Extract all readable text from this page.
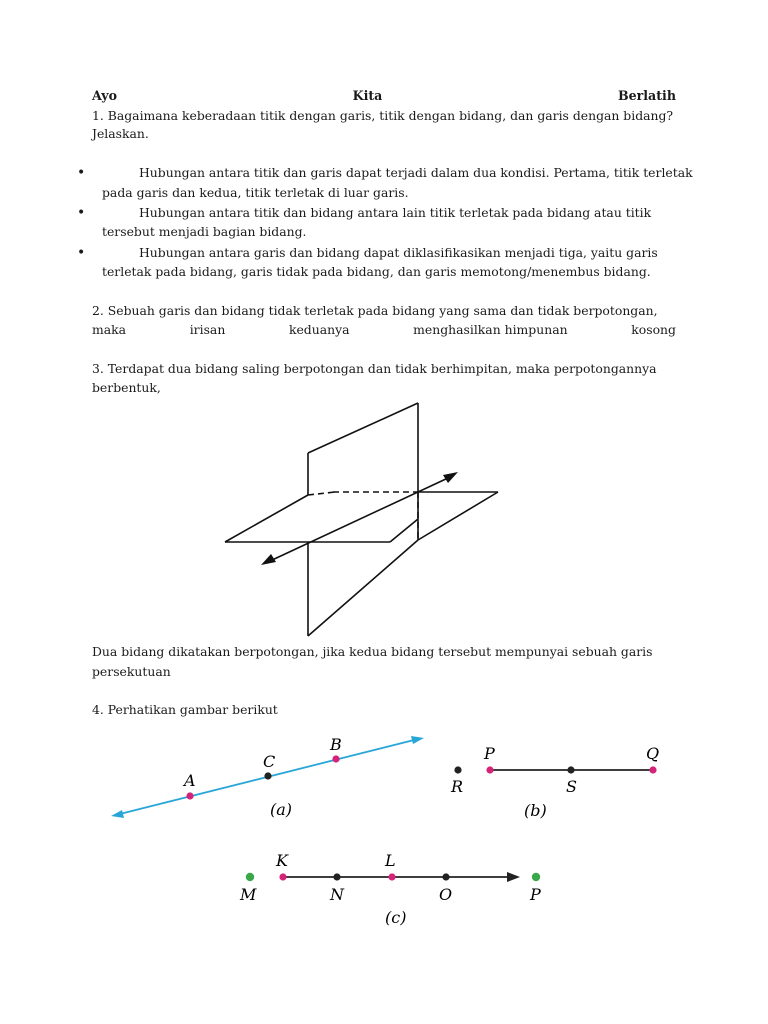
Ayo	Kita	Berlatih
1. Bagaimana keberadaan titik dengan garis, titik dengan bidang, dan garis dengan bidang?
Jelaskan.
•	Hubungan antara titik dan garis dapat terjadi dalam dua kondisi. Pertama, titik terletak
pada garis dan kedua, titik terletak di luar garis.
•	Hubungan antara titik dan bidang antara lain titik terletak pada bidang atau titik
tersebut menjadi bagian bidang.
•	Hubungan antara garis dan bidang dapat diklasifikasikan menjadi tiga, yaitu garis
terletak pada bidang, garis tidak pada bidang, dan garis memotong/menembus bidang.
2. Sebuah garis dan bidang tidak terletak pada bidang yang sama dan tidak berpotongan,
maka	irisan	keduanya	menghasilkan himpunan	kosong
3. Terdapat dua bidang saling berpotongan dan tidak berhimpitan, maka perpotongannya
berbentuk,
Dua bidang dikatakan berpotongan, jika kedua bidang tersebut mempunyai sebuah garis
persekutuan
4. Perhatikan gambar berikut
A
C
B
(a)
P	Q
R	S
(b)
M
K
N
L
O	P
(c)
